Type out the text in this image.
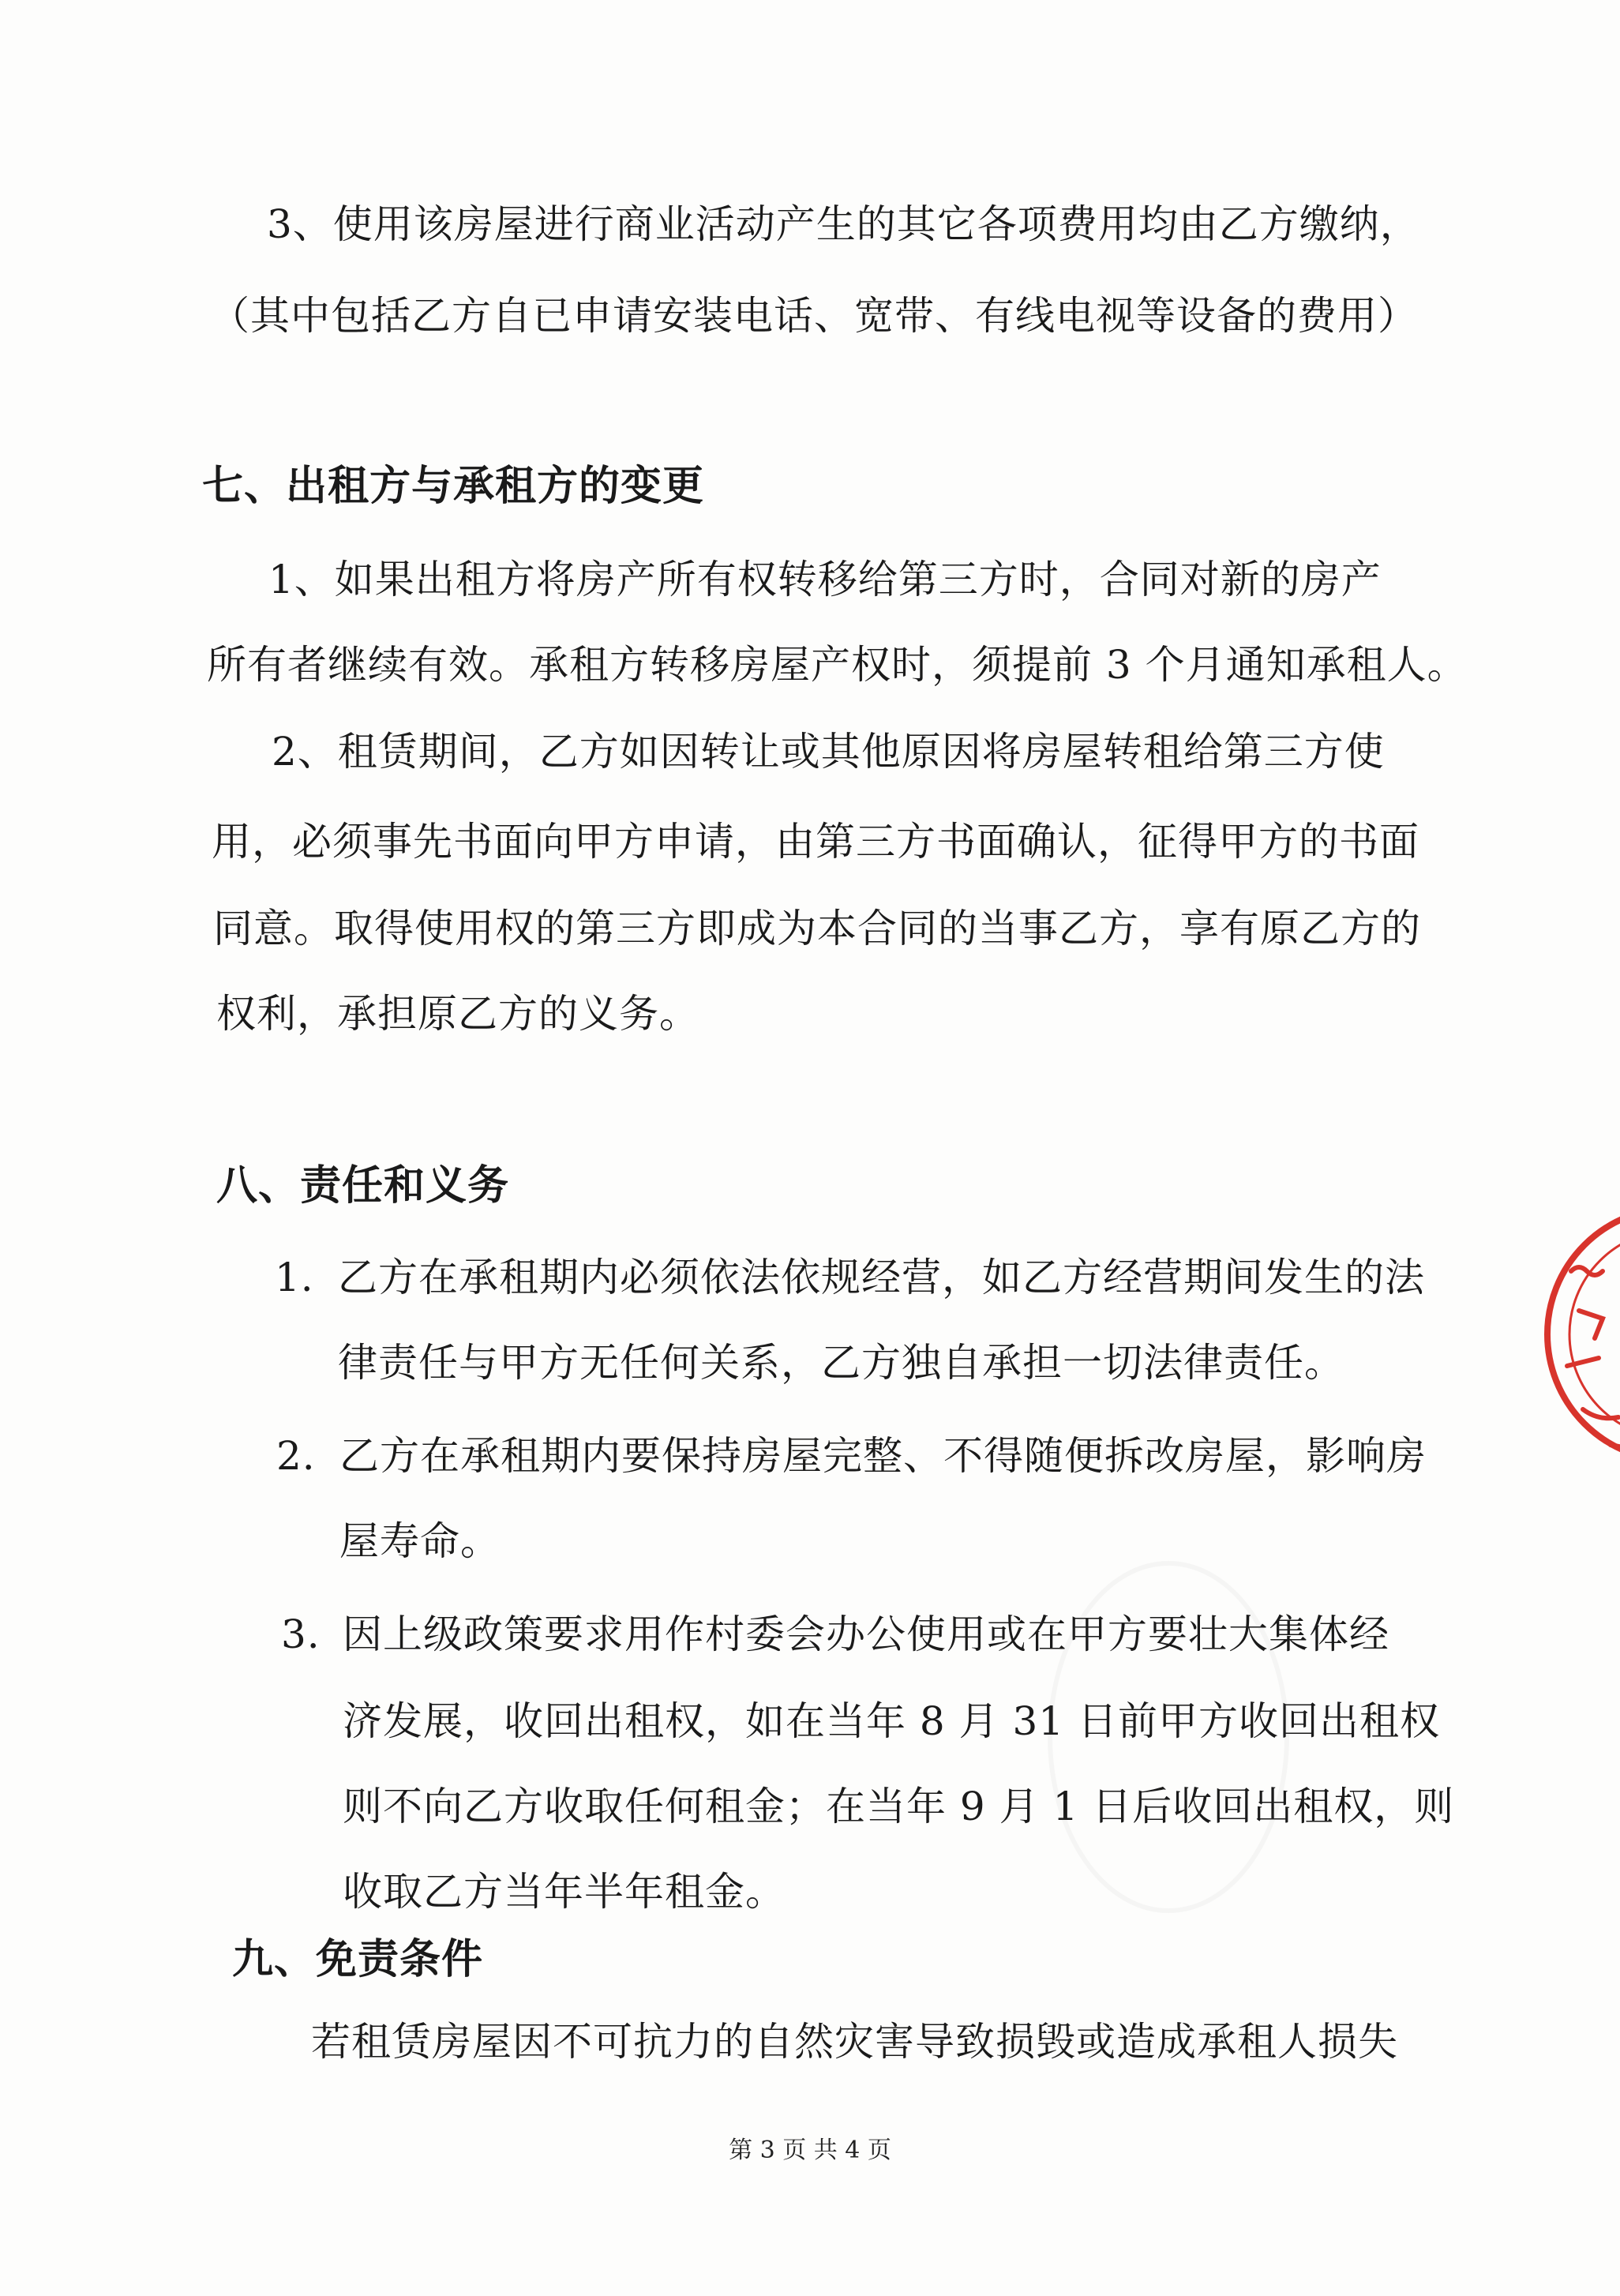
3、使用该房屋进行商业活动产生的其它各项费用均由乙方缴纳，
（其中包括乙方自已申请安装电话、宽带、有线电视等设备的费用）
七、出租方与承租方的变更
1、如果出租方将房产所有权转移给第三方时，合同对新的房产
所有者继续有效。承租方转移房屋产权时，须提前 3 个月通知承租人。
2、租赁期间，乙方如因转让或其他原因将房屋转租给第三方使
用，必须事先书面向甲方申请，由第三方书面确认，征得甲方的书面
同意。取得使用权的第三方即成为本合同的当事乙方，享有原乙方的
权利，承担原乙方的义务。
八、责任和义务
1. 乙方在承租期内必须依法依规经营，如乙方经营期间发生的法
律责任与甲方无任何关系，乙方独自承担一切法律责任。
2. 乙方在承租期内要保持房屋完整、不得随便拆改房屋，影响房
屋寿命。
3. 因上级政策要求用作村委会办公使用或在甲方要壮大集体经
济发展，收回出租权，如在当年 8 月 31 日前甲方收回出租权
则不向乙方收取任何租金；在当年 9 月 1 日后收回出租权，则
收取乙方当年半年租金。
九、免责条件
若租赁房屋因不可抗力的自然灾害导致损毁或造成承租人损失
第 3 页 共 4 页
